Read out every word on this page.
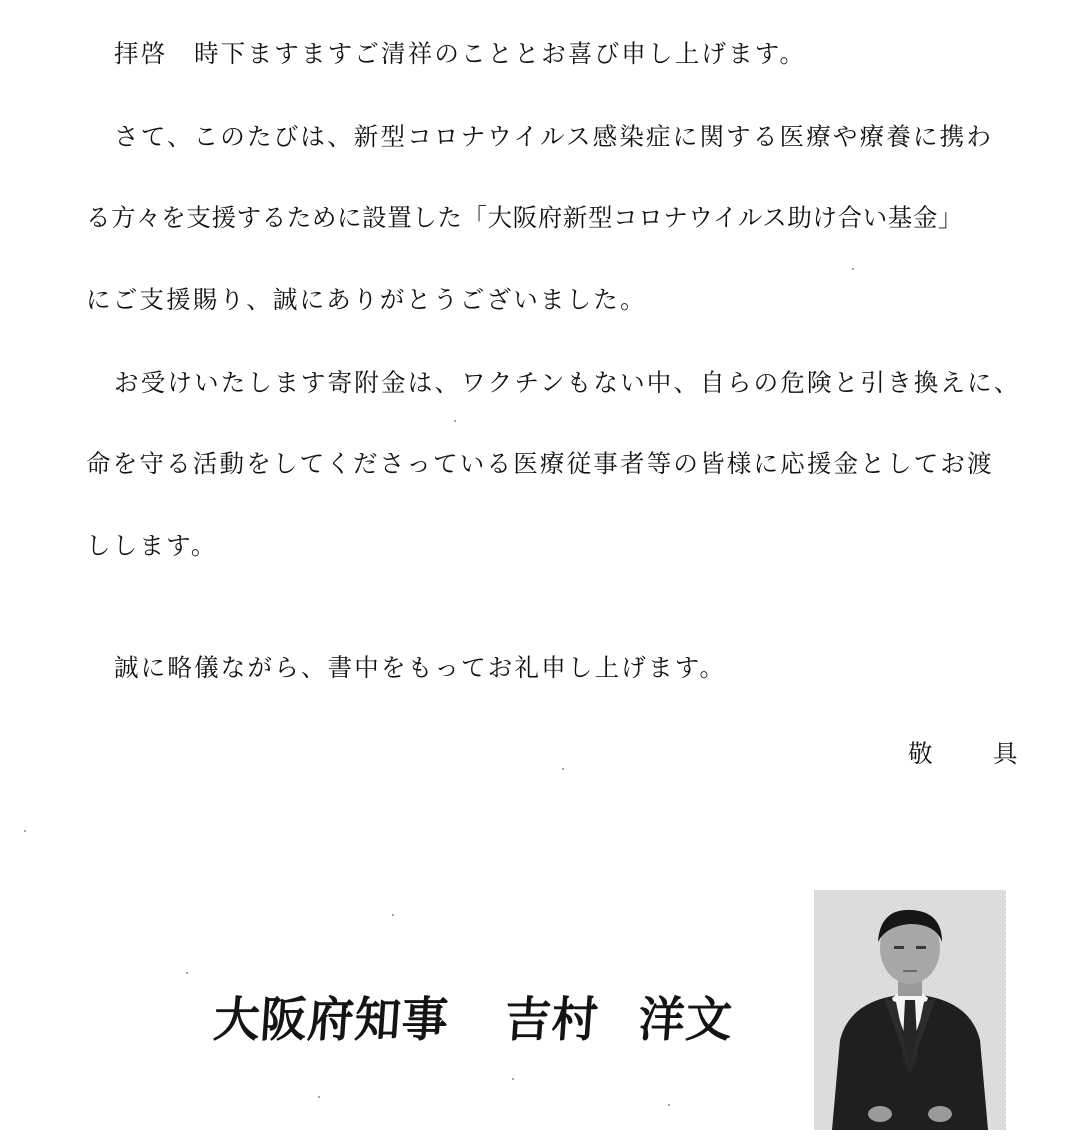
拝啓　時下ますますご清祥のこととお喜び申し上げます。
さて、このたびは、新型コロナウイルス感染症に関する医療や療養に携わ
る方々を支援するために設置した「大阪府新型コロナウイルス助け合い基金」
にご支援賜り、誠にありがとうございました。
お受けいたします寄附金は、ワクチンもない中、自らの危険と引き換えに、
命を守る活動をしてくださっている医療従事者等の皆様に応援金としてお渡
しします。
誠に略儀ながら、書中をもってお礼申し上げます。
敬　具
大阪府知事 吉村 洋文
